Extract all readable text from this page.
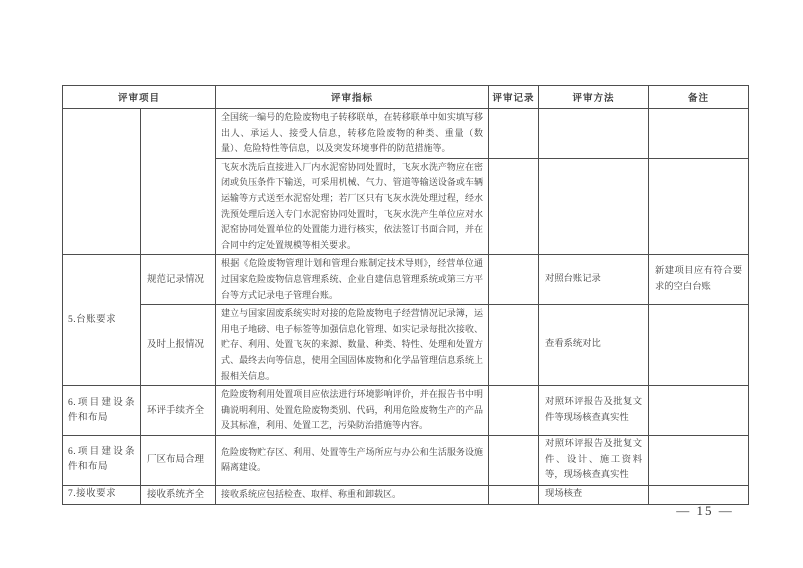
评审项目		评审指标	评审记录	评审方法	备注
		全国统一编号的危险废物电子转移联单，在转移联单中如实填写移出人、承运人、接受人信息，转移危险废物的种类、重量（数量）、危险特性等信息，以及突发环境事件的防范措施等。			
		飞灰水洗后直接进入厂内水泥窑协同处置时，飞灰水洗产物应在密闭或负压条件下输送，可采用机械、气力、管道等输送设备或车辆运输等方式送至水泥窑处理；若厂区只有飞灰水洗处理过程，经水洗预处理后送入专门水泥窑协同处置时，飞灰水洗产生单位应对水泥窑协同处置单位的处置能力进行核实，依法签订书面合同，并在合同中约定处置规模等相关要求。			
5.台账要求	规范记录情况	根据《危险废物管理计划和管理台账制定技术导则》，经营单位通过国家危险废物信息管理系统、企业自建信息管理系统或第三方平台等方式记录电子管理台账。		对照台账记录	新建项目应有符合要求的空白台账
	及时上报情况	建立与国家固废系统实时对接的危险废物电子经营情况记录簿，运用电子地磅、电子标签等加强信息化管理、如实记录每批次接收、贮存、利用、处置飞灰的来源、数量、种类、特性、处理和处置方式、最终去向等信息，使用全国固体废物和化学品管理信息系统上报相关信息。		查看系统对比	
6.项目建设条件和布局	环评手续齐全	危险废物利用处置项目应依法进行环境影响评价，并在报告书中明确说明利用、处置危险废物类别、代码，利用危险废物生产的产品及其标准，利用、处置工艺，污染防治措施等内容。		对照环评报告及批复文件等现场核查真实性	
6.项目建设条件和布局	厂区布局合理	危险废物贮存区、利用、处置等生产场所应与办公和生活服务设施隔离建设。		对照环评报告及批复文件、设计、施工资料等，现场核查真实性	
7.接收要求	接收系统齐全	接收系统应包括检查、取样、称重和卸载区。		现场核查	
— 15 —
